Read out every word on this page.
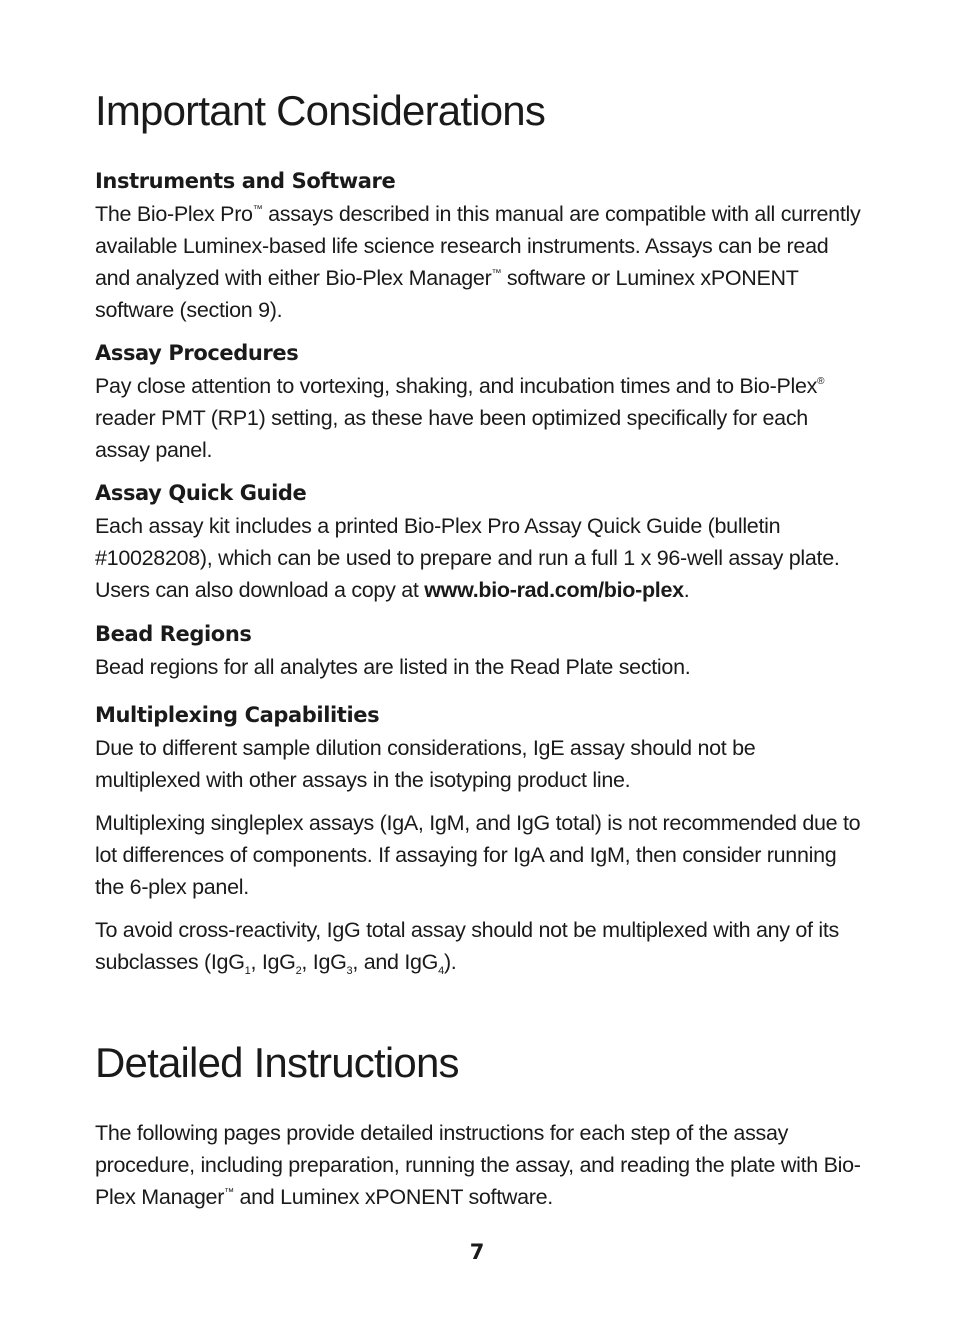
Important Considerations
Instruments and Software

The Bio-Plex Pro™ assays described in this manual are compatible with all currently available Luminex-based life science research instruments. Assays can be read and analyzed with either Bio-Plex Manager™ software or Luminex xPONENT software (section 9).

Assay Procedures

Pay close attention to vortexing, shaking, and incubation times and to Bio-Plex® reader PMT (RP1) setting, as these have been optimized specifically for each assay panel.

Assay Quick Guide

Each assay kit includes a printed Bio-Plex Pro Assay Quick Guide (bulletin #10028208), which can be used to prepare and run a full 1 x 96-well assay plate. Users can also download a copy at www.bio-rad.com/bio-plex.

Bead Regions

Bead regions for all analytes are listed in the Read Plate section.

Multiplexing Capabilities

Due to different sample dilution considerations, IgE assay should not be multiplexed with other assays in the isotyping product line.

Multiplexing singleplex assays (IgA, IgM, and IgG total) is not recommended due to lot differences of components. If assaying for IgA and IgM, then consider running the 6-plex panel.

To avoid cross-reactivity, IgG total assay should not be multiplexed with any of its subclasses (IgG$_1$, IgG$_2$, IgG$_3$, and IgG$_4$).

Detailed Instructions

The following pages provide detailed instructions for each step of the assay procedure, including preparation, running the assay, and reading the plate with Bio-Plex Manager™ and Luminex xPONENT software.

7
